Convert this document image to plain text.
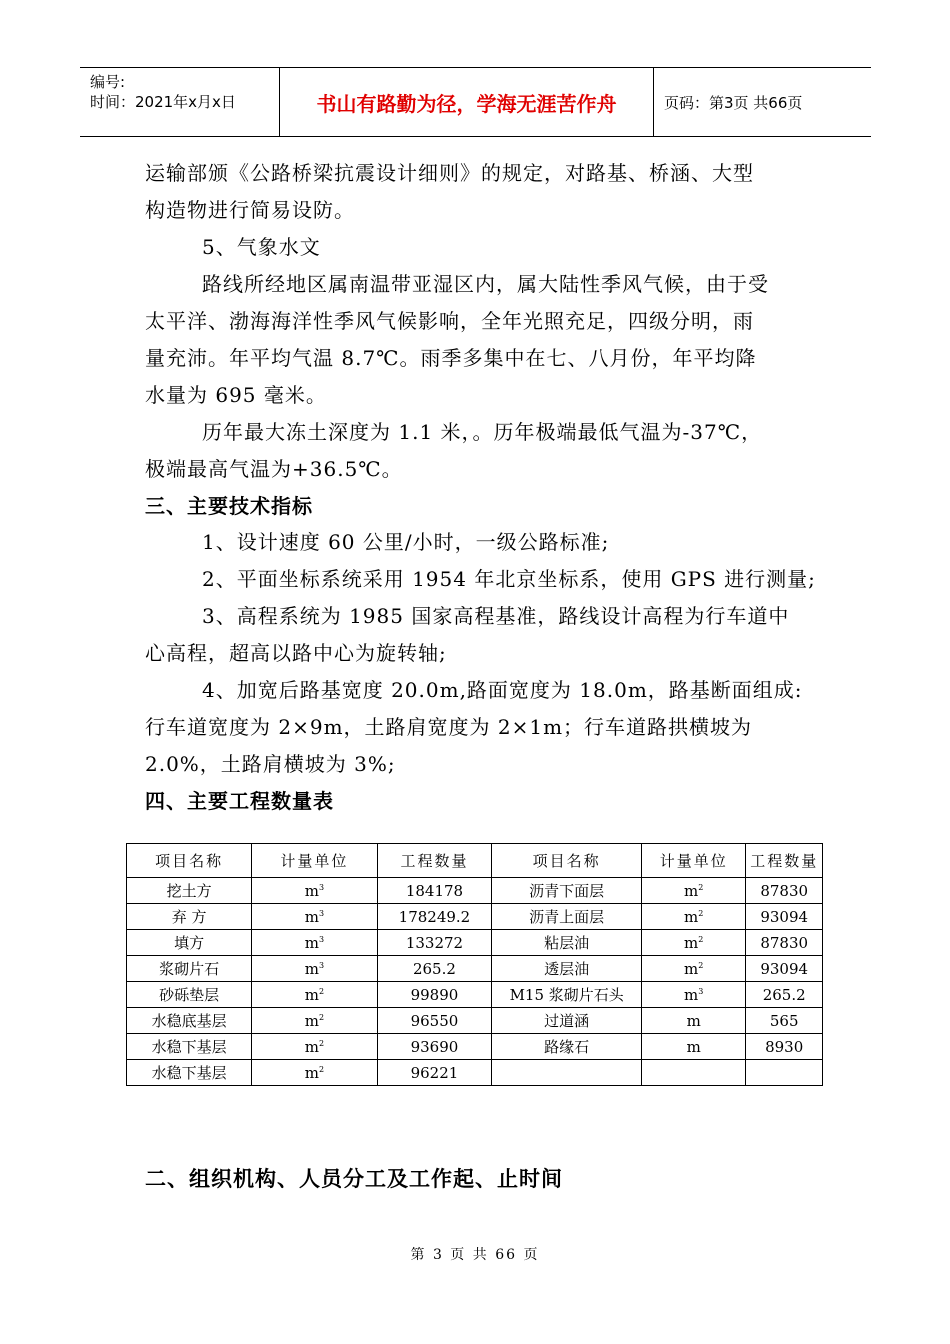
编号:
时间：2021年x月x日	书山有路勤为径，学海无涯苦作舟	页码：第3页 共66页
运输部颁《公路桥梁抗震设计细则》的规定，对路基、桥涵、大型
构造物进行简易设防。
5、气象水文
路线所经地区属南温带亚湿区内，属大陆性季风气候，由于受
太平洋、渤海海洋性季风气候影响，全年光照充足，四级分明，雨
量充沛。年平均气温 8.7℃。雨季多集中在七、八月份，年平均降
水量为 695 毫米。
历年最大冻土深度为 1.1 米，。历年极端最低气温为-37℃，
极端最高气温为+36.5℃。
三、主要技术指标
1、设计速度 60 公里/小时，一级公路标准;
2、平面坐标系统采用 1954 年北京坐标系，使用 GPS 进行测量;
3、高程系统为 1985 国家高程基准，路线设计高程为行车道中
心高程，超高以路中心为旋转轴;
4、加宽后路基宽度 20.0m,路面宽度为 18.0m，路基断面组成:
行车道宽度为 2×9m，土路肩宽度为 2×1m；行车道路拱横坡为
2.0%，土路肩横坡为 3%;
四、主要工程数量表
项目名称	计量单位	工程数量	项目名称	计量单位	工程数量
挖土方	$m^3$	184178	沥青下面层	$m^2$	87830
弃 方	$m^3$	178249.2	沥青上面层	$m^2$	93094
填方	$m^3$	133272	粘层油	$m^2$	87830
浆砌片石	$m^3$	265.2	透层油	$m^2$	93094
砂砾垫层	$m^2$	99890	M15 浆砌片石头	$m^3$	265.2
水稳底基层	$m^2$	96550	过道涵	m	565
水稳下基层	$m^2$	93690	路缘石	m	8930
水稳下基层	$m^2$	96221			
二、组织机构、人员分工及工作起、止时间
第 3 页 共 66 页
